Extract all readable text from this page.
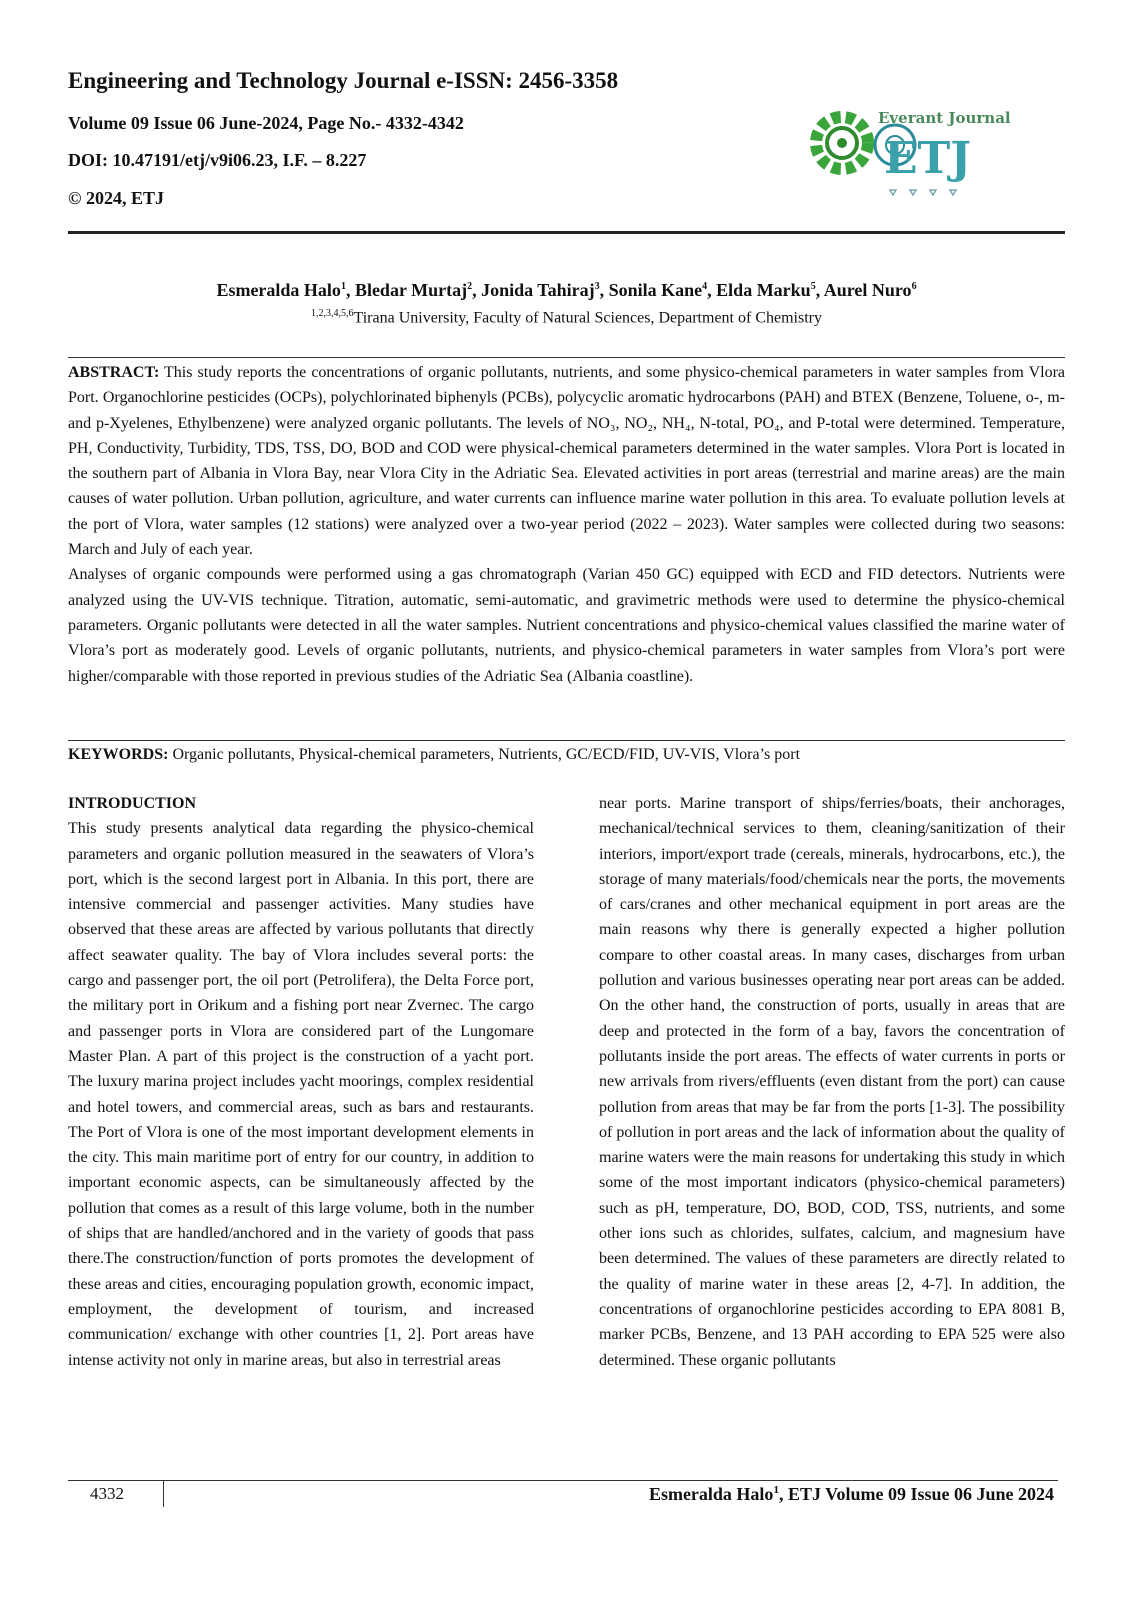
Engineering and Technology Journal e-ISSN: 2456-3358
Volume 09 Issue 06 June-2024, Page No.- 4332-4342
DOI: 10.47191/etj/v9i06.23, I.F. – 8.227
© 2024, ETJ
Everant Journal
ETJ
Esmeralda Halo$^1$, Bledar Murtaj$^2$, Jonida Tahiraj$^3$, Sonila Kane$^4$, Elda Marku$^5$, Aurel Nuro$^6$
$^{1,2,3,4,5,6}$Tirana University, Faculty of Natural Sciences, Department of Chemistry

ABSTRACT: This study reports the concentrations of organic pollutants, nutrients, and some physico-chemical parameters in water samples from Vlora Port. Organochlorine pesticides (OCPs), polychlorinated biphenyls (PCBs), polycyclic aromatic hydrocarbons (PAH) and BTEX (Benzene, Toluene, o-, m- and p-Xyelenes, Ethylbenzene) were analyzed organic pollutants. The levels of NO₃, NO₂, NH₄, N-total, PO₄, and P-total were determined. Temperature, PH, Conductivity, Turbidity, TDS, TSS, DO, BOD and COD were physical-chemical parameters determined in the water samples. Vlora Port is located in the southern part of Albania in Vlora Bay, near Vlora City in the Adriatic Sea. Elevated activities in port areas (terrestrial and marine areas) are the main causes of water pollution. Urban pollution, agriculture, and water currents can influence marine water pollution in this area. To evaluate pollution levels at the port of Vlora, water samples (12 stations) were analyzed over a two-year period (2022 – 2023). Water samples were collected during two seasons: March and July of each year.

Analyses of organic compounds were performed using a gas chromatograph (Varian 450 GC) equipped with ECD and FID detectors. Nutrients were analyzed using the UV-VIS technique. Titration, automatic, semi-automatic, and gravimetric methods were used to determine the physico-chemical parameters. Organic pollutants were detected in all the water samples. Nutrient concentrations and physico-chemical values classified the marine water of Vlora’s port as moderately good. Levels of organic pollutants, nutrients, and physico-chemical parameters in water samples from Vlora’s port were higher/comparable with those reported in previous studies of the Adriatic Sea (Albania coastline).

KEYWORDS: Organic pollutants, Physical-chemical parameters, Nutrients, GC/ECD/FID, UV-VIS, Vlora’s port
INTRODUCTION

This study presents analytical data regarding the physico-chemical parameters and organic pollution measured in the seawaters of Vlora’s port, which is the second largest port in Albania. In this port, there are intensive commercial and passenger activities. Many studies have observed that these areas are affected by various pollutants that directly affect seawater quality. The bay of Vlora includes several ports: the cargo and passenger port, the oil port (Petrolifera), the Delta Force port, the military port in Orikum and a fishing port near Zvernec. The cargo and passenger ports in Vlora are considered part of the Lungomare Master Plan. A part of this project is the construction of a yacht port. The luxury marina project includes yacht moorings, complex residential and hotel towers, and commercial areas, such as bars and restaurants. The Port of Vlora is one of the most important development elements in the city. This main maritime port of entry for our country, in addition to important economic aspects, can be simultaneously affected by the pollution that comes as a result of this large volume, both in the number of ships that are handled/anchored and in the variety of goods that pass there.The construction/function of ports promotes the development of these areas and cities, encouraging population growth, economic impact, employment, the development of tourism, and increased communication/ exchange with other countries [1, 2]. Port areas have intense activity not only in marine areas, but also in terrestrial areas

near ports. Marine transport of ships/ferries/boats, their anchorages, mechanical/technical services to them, cleaning/sanitization of their interiors, import/export trade (cereals, minerals, hydrocarbons, etc.), the storage of many materials/food/chemicals near the ports, the movements of cars/cranes and other mechanical equipment in port areas are the main reasons why there is generally expected a higher pollution compare to other coastal areas. In many cases, discharges from urban pollution and various businesses operating near port areas can be added. On the other hand, the construction of ports, usually in areas that are deep and protected in the form of a bay, favors the concentration of pollutants inside the port areas. The effects of water currents in ports or new arrivals from rivers/effluents (even distant from the port) can cause pollution from areas that may be far from the ports [1-3]. The possibility of pollution in port areas and the lack of information about the quality of marine waters were the main reasons for undertaking this study in which some of the most important indicators (physico-chemical parameters) such as pH, temperature, DO, BOD, COD, TSS, nutrients, and some other ions such as chlorides, sulfates, calcium, and magnesium have been determined. The values of these parameters are directly related to the quality of marine water in these areas [2, 4-7]. In addition, the concentrations of organochlorine pesticides according to EPA 8081 B, marker PCBs, Benzene, and 13 PAH according to EPA 525 were also determined. These organic pollutants

4332	Esmeralda Halo$^1$, ETJ Volume 09 Issue 06 June 2024
